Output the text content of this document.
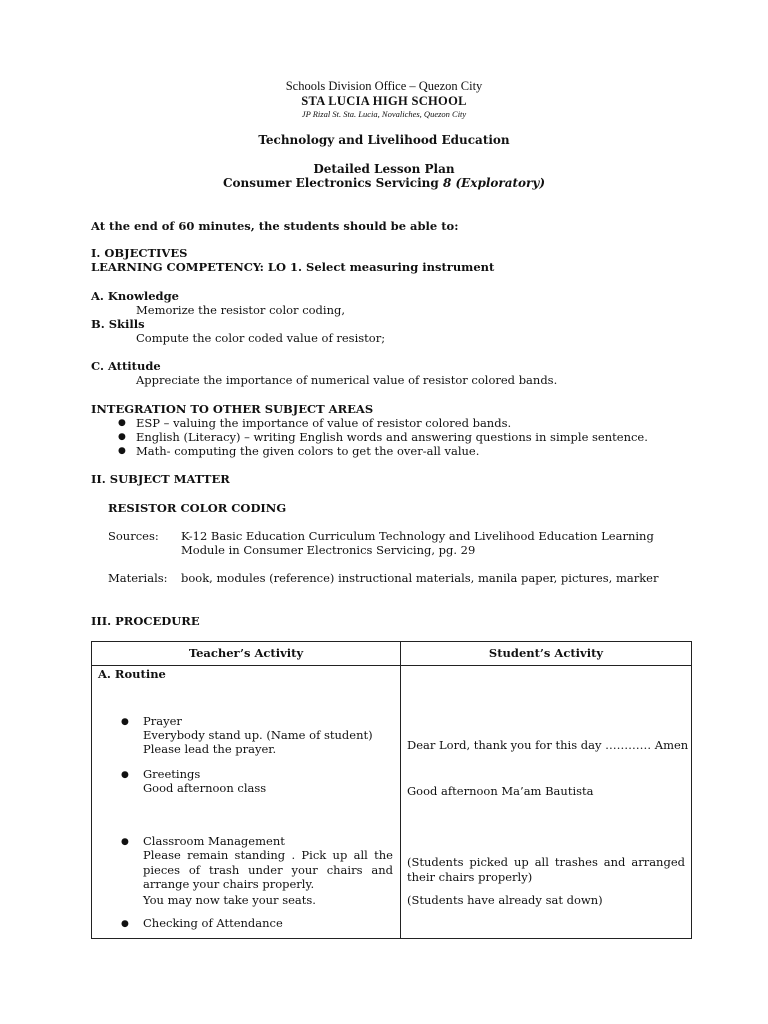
Schools Division Office – Quezon City
STA LUCIA HIGH SCHOOL
JP Rizal St. Sta. Lucia, Novaliches, Quezon City
Technology and Livelihood Education
Detailed Lesson Plan
Consumer Electronics Servicing 8 (Exploratory)
At the end of 60 minutes, the students should be able to:
I. OBJECTIVES
LEARNING COMPETENCY: LO 1. Select measuring instrument
A. Knowledge
Memorize the resistor color coding,
B. Skills
Compute the color coded value of resistor;
C. Attitude
Appreciate the importance of numerical value of resistor colored bands.
INTEGRATION TO OTHER SUBJECT AREAS
● ESP – valuing the importance of value of resistor colored bands.
● English (Literacy) – writing English words and answering questions in simple sentence.
● Math- computing the given colors to get the over-all value.
II. SUBJECT MATTER
RESISTOR COLOR CODING
Sources: K-12 Basic Education Curriculum Technology and Livelihood Education Learning
Module in Consumer Electronics Servicing, pg. 29
Materials: book, modules (reference) instructional materials, manila paper, pictures, marker
III. PROCEDURE
Teacher’s Activity	Student’s Activity
A. Routine
● Prayer
Everybody stand up. (Name of student)
Please lead the prayer.
● Greetings
Good afternoon class
● Classroom Management
Please remain standing . Pick up all the pieces of trash under your chairs and arrange your chairs properly.
You may now take your seats.
● Checking of Attendance
Dear Lord, thank you for this day ………… Amen
Good afternoon Ma’am Bautista
(Students picked up all trashes and arranged their chairs properly)
(Students have already sat down)
